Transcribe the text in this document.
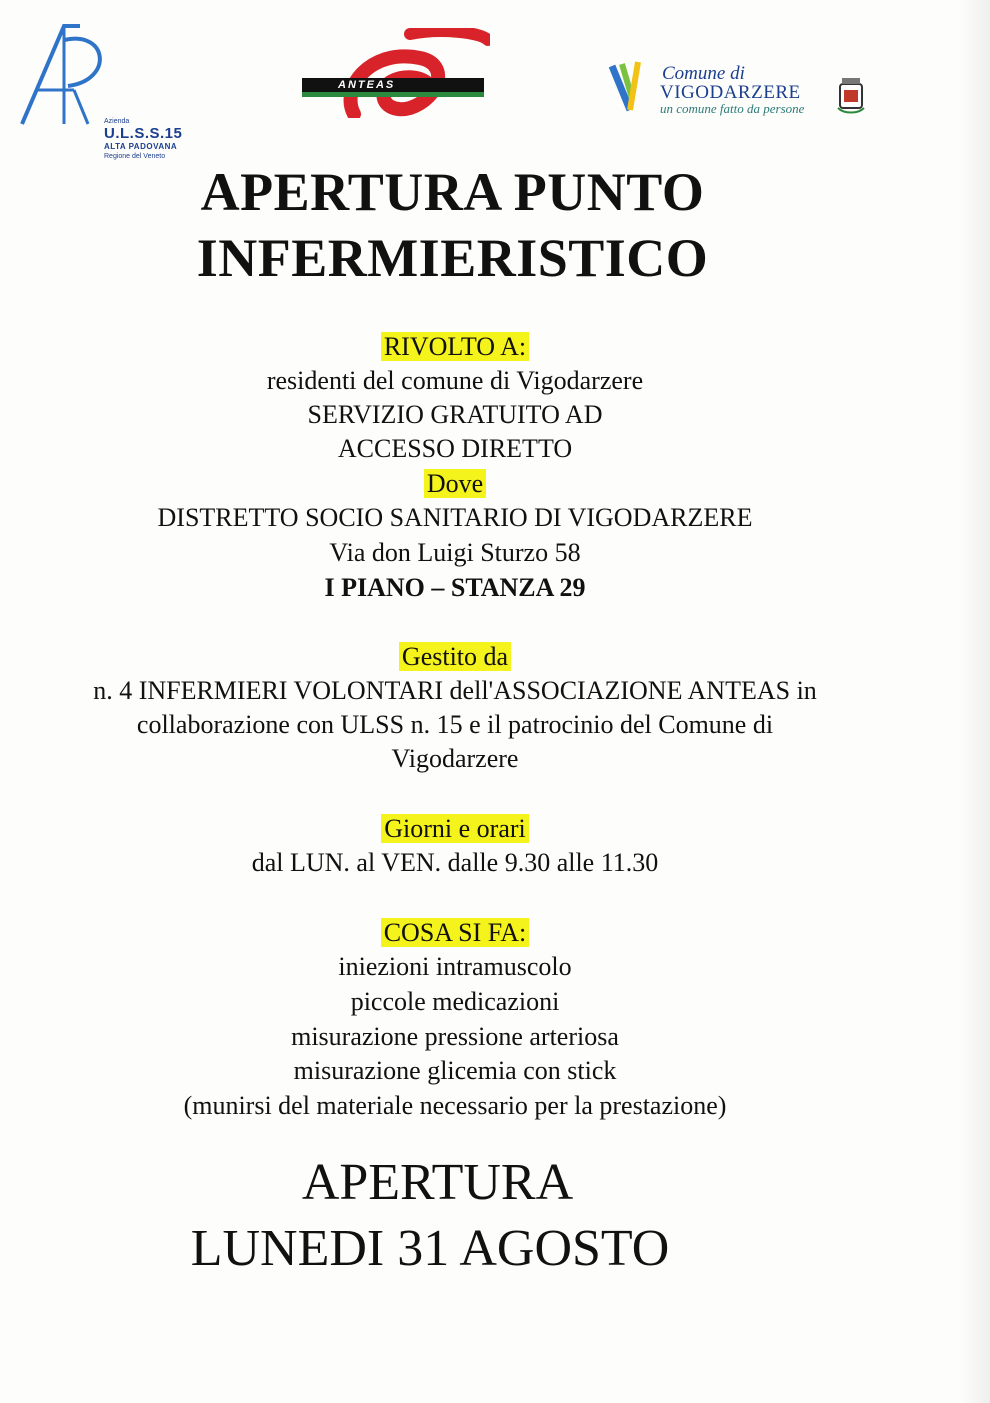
Azienda
U.L.S.S.15
ALTA PADOVANA
Regione del Veneto
ANTEAS
Comune di
VIGODARZERE
un comune fatto da persone
APERTURA PUNTO
INFERMIERISTICO
RIVOLTO A:
residenti del comune di Vigodarzere
SERVIZIO GRATUITO AD
ACCESSO DIRETTO
Dove
DISTRETTO SOCIO SANITARIO DI VIGODARZERE
Via don Luigi Sturzo 58
I PIANO – STANZA 29
Gestito da
n. 4 INFERMIERI VOLONTARI dell'ASSOCIAZIONE ANTEAS in
collaborazione con ULSS n. 15 e il patrocinio del Comune di
Vigodarzere
Giorni e orari
dal LUN. al VEN. dalle 9.30 alle 11.30
COSA SI FA:
iniezioni intramuscolo
piccole medicazioni
misurazione pressione arteriosa
misurazione glicemia con stick
(munirsi del materiale necessario per la prestazione)
APERTURA
LUNEDI 31 AGOSTO
